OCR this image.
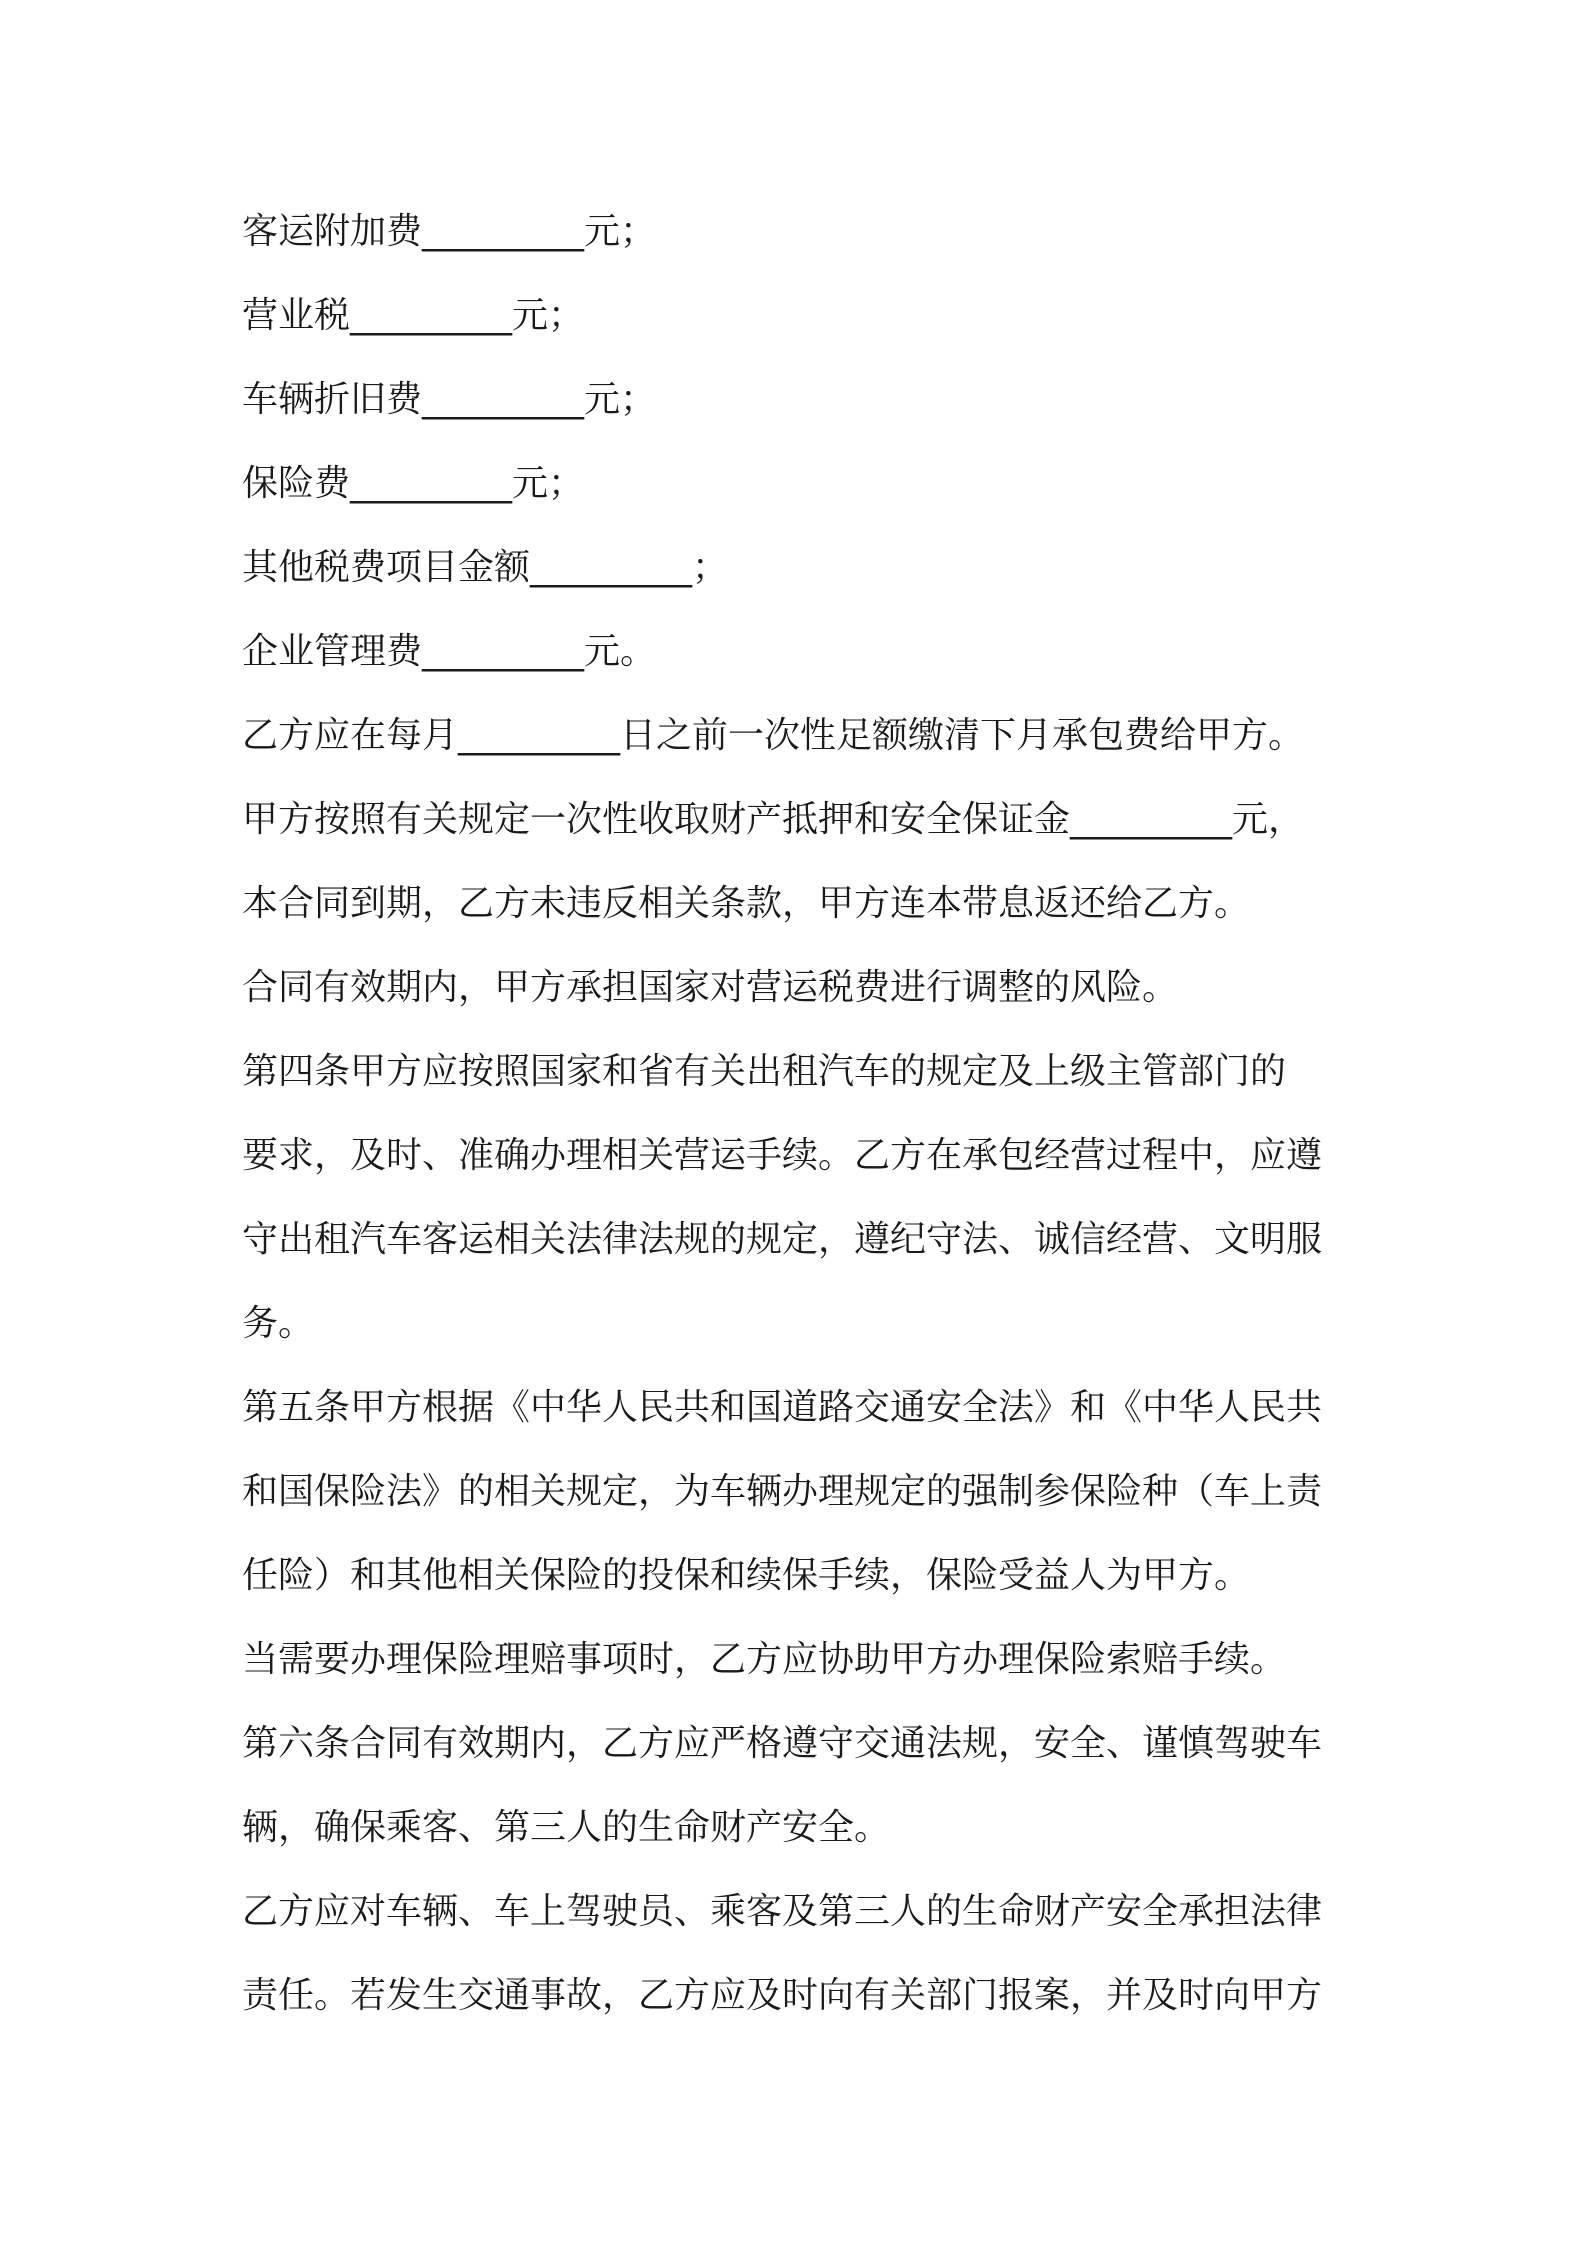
客运附加费_________元；

营业税_________元；

车辆折旧费_________元；

保险费_________元；

其他税费项目金额_________；

企业管理费_________元。

乙方应在每月_________日之前一次性足额缴清下月承包费给甲方。

甲方按照有关规定一次性收取财产抵押和安全保证金_________元，

本合同到期，乙方未违反相关条款，甲方连本带息返还给乙方。

合同有效期内，甲方承担国家对营运税费进行调整的风险。

第四条甲方应按照国家和省有关出租汽车的规定及上级主管部门的

要求，及时、准确办理相关营运手续。乙方在承包经营过程中，应遵

守出租汽车客运相关法律法规的规定，遵纪守法、诚信经营、文明服

务。

第五条甲方根据《中华人民共和国道路交通安全法》和《中华人民共

和国保险法》的相关规定，为车辆办理规定的强制参保险种（车上责

任险）和其他相关保险的投保和续保手续，保险受益人为甲方。

当需要办理保险理赔事项时，乙方应协助甲方办理保险索赔手续。

第六条合同有效期内，乙方应严格遵守交通法规，安全、谨慎驾驶车

辆，确保乘客、第三人的生命财产安全。

乙方应对车辆、车上驾驶员、乘客及第三人的生命财产安全承担法律

责任。若发生交通事故，乙方应及时向有关部门报案，并及时向甲方
